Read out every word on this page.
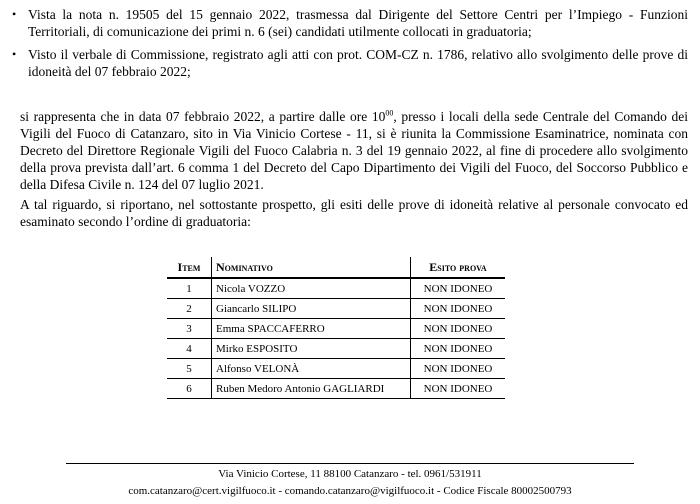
• Vista la nota n. 19505 del 15 gennaio 2022, trasmessa dal Dirigente del Settore Centri per l’Impiego - Funzioni Territoriali, di comunicazione dei primi n. 6 (sei) candidati utilmente collocati in graduatoria;
• Visto il verbale di Commissione, registrato agli atti con prot. COM-CZ n. 1786, relativo allo svolgimento delle prove di idoneità del 07 febbraio 2022;
si rappresenta che in data 07 febbraio 2022, a partire dalle ore $10^{00}$, presso i locali della sede Centrale del Comando dei Vigili del Fuoco di Catanzaro, sito in Via Vinicio Cortese - 11, si è riunita la Commissione Esaminatrice, nominata con Decreto del Direttore Regionale Vigili del Fuoco Calabria n. 3 del 19 gennaio 2022, al fine di procedere allo svolgimento della prova prevista dall’art. 6 comma 1 del Decreto del Capo Dipartimento dei Vigili del Fuoco, del Soccorso Pubblico e della Difesa Civile n. 124 del 07 luglio 2021.
A tal riguardo, si riportano, nel sottostante prospetto, gli esiti delle prove di idoneità relative al personale convocato ed esaminato secondo l’ordine di graduatoria:
Item	Nominativo	Esito prova
1	Nicola VOZZO	NON IDONEO
2	Giancarlo SILIPO	NON IDONEO
3	Emma SPACCAFERRO	NON IDONEO
4	Mirko ESPOSITO	NON IDONEO
5	Alfonso VELONÀ	NON IDONEO
6	Ruben Medoro Antonio GAGLIARDI	NON IDONEO
Via Vinicio Cortese, 11 88100 Catanzaro - tel. 0961/531911
com.catanzaro@cert.vigilfuoco.it - comando.catanzaro@vigilfuoco.it - Codice Fiscale 80002500793
